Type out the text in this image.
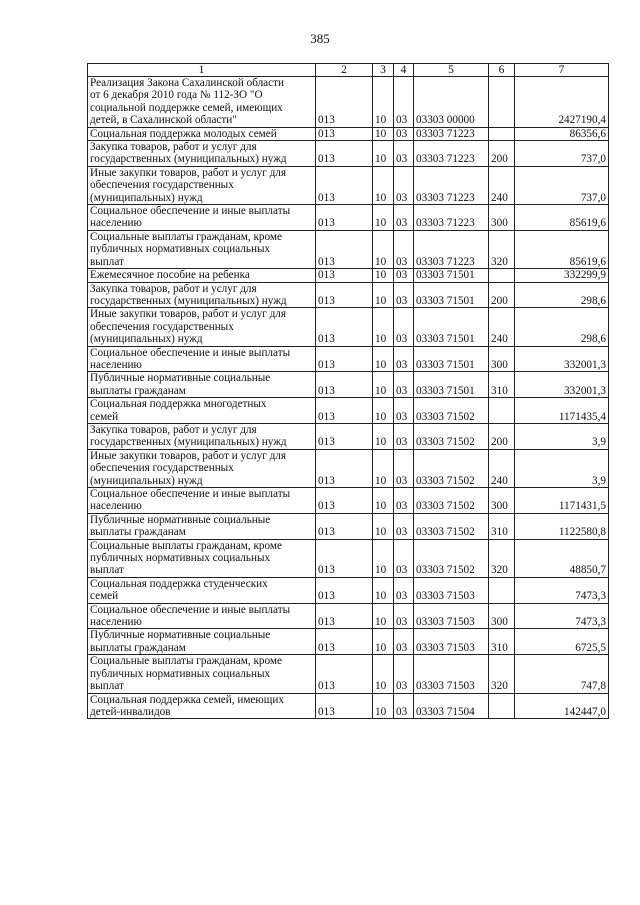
385
1	2	3	4	5	6	7

Реализация Закона Сахалинской области
от 6 декабря 2010 года № 112-ЗО "О
социальной поддержке семей, имеющих
детей, в Сахалинской области"	013	10	03	03303 00000		2427190,4

Социальная поддержка молодых семей	013	10	03	03303 71223		86356,6

Закупка товаров, работ и услуг для
государственных (муниципальных) нужд	013	10	03	03303 71223	200	737,0

Иные закупки товаров, работ и услуг для
обеспечения государственных
(муниципальных) нужд	013	10	03	03303 71223	240	737,0

Социальное обеспечение и иные выплаты
населению	013	10	03	03303 71223	300	85619,6

Социальные выплаты гражданам, кроме
публичных нормативных социальных
выплат	013	10	03	03303 71223	320	85619,6

Ежемесячное пособие на ребенка	013	10	03	03303 71501		332299,9

Закупка товаров, работ и услуг для
государственных (муниципальных) нужд	013	10	03	03303 71501	200	298,6

Иные закупки товаров, работ и услуг для
обеспечения государственных
(муниципальных) нужд	013	10	03	03303 71501	240	298,6

Социальное обеспечение и иные выплаты
населению	013	10	03	03303 71501	300	332001,3

Публичные нормативные социальные
выплаты гражданам	013	10	03	03303 71501	310	332001,3

Социальная поддержка многодетных
семей	013	10	03	03303 71502		1171435,4

Закупка товаров, работ и услуг для
государственных (муниципальных) нужд	013	10	03	03303 71502	200	3,9

Иные закупки товаров, работ и услуг для
обеспечения государственных
(муниципальных) нужд	013	10	03	03303 71502	240	3,9

Социальное обеспечение и иные выплаты
населению	013	10	03	03303 71502	300	1171431,5

Публичные нормативные социальные
выплаты гражданам	013	10	03	03303 71502	310	1122580,8

Социальные выплаты гражданам, кроме
публичных нормативных социальных
выплат	013	10	03	03303 71502	320	48850,7

Социальная поддержка студенческих
семей	013	10	03	03303 71503		7473,3

Социальное обеспечение и иные выплаты
населению	013	10	03	03303 71503	300	7473,3

Публичные нормативные социальные
выплаты гражданам	013	10	03	03303 71503	310	6725,5

Социальные выплаты гражданам, кроме
публичных нормативных социальных
выплат	013	10	03	03303 71503	320	747,8

Социальная поддержка семей, имеющих
детей-инвалидов	013	10	03	03303 71504		142447,0
